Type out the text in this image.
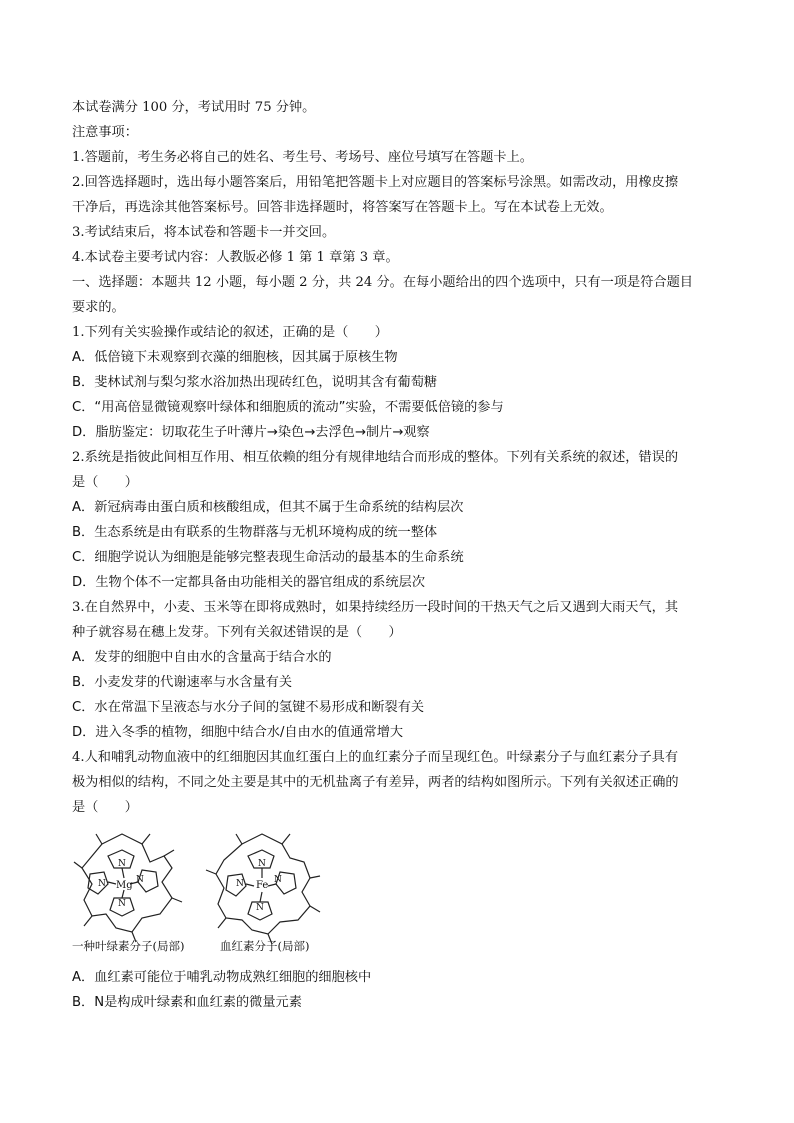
本试卷满分 100 分，考试用时 75 分钟。
注意事项：
1.答题前，考生务必将自己的姓名、考生号、考场号、座位号填写在答题卡上。
2.回答选择题时，选出每小题答案后，用铅笔把答题卡上对应题目的答案标号涂黑。如需改动，用橡皮擦
干净后，再选涂其他答案标号。回答非选择题时，将答案写在答题卡上。写在本试卷上无效。
3.考试结束后，将本试卷和答题卡一并交回。
4.本试卷主要考试内容：人教版必修 1 第 1 章第 3 章。
一、选择题：本题共 12 小题，每小题 2 分，共 24 分。在每小题给出的四个选项中，只有一项是符合题目
要求的。
1.下列有关实验操作或结论的叙述，正确的是（　　）
A．低倍镜下未观察到衣藻的细胞核，因其属于原核生物
B．斐林试剂与梨匀浆水浴加热出现砖红色，说明其含有葡萄糖
C．“用高倍显微镜观察叶绿体和细胞质的流动”实验，不需要低倍镜的参与
D．脂肪鉴定：切取花生子叶薄片→染色→去浮色→制片→观察
2.系统是指彼此间相互作用、相互依赖的组分有规律地结合而形成的整体。下列有关系统的叙述，错误的
是（　　）
A．新冠病毒由蛋白质和核酸组成，但其不属于生命系统的结构层次
B．生态系统是由有联系的生物群落与无机环境构成的统一整体
C．细胞学说认为细胞是能够完整表现生命活动的最基本的生命系统
D．生物个体不一定都具备由功能相关的器官组成的系统层次
3.在自然界中，小麦、玉米等在即将成熟时，如果持续经历一段时间的干热天气之后又遇到大雨天气，其
种子就容易在穗上发芽。下列有关叙述错误的是（　　）
A．发芽的细胞中自由水的含量高于结合水的
B．小麦发芽的代谢速率与水含量有关
C．水在常温下呈液态与水分子间的氢键不易形成和断裂有关
D．进入冬季的植物，细胞中结合水/自由水的值通常增大
4.人和哺乳动物血液中的红细胞因其血红蛋白上的血红素分子而呈现红色。叶绿素分子与血红素分子具有
极为相似的结构，不同之处主要是其中的无机盐离子有差异，两者的结构如图所示。下列有关叙述正确的
是（　　）
Mg	Fe
N
N
N
N
N
N
N
N
一种叶绿素分子(局部)	血红素分子(局部)
A．血红素可能位于哺乳动物成熟红细胞的细胞核中
B．N是构成叶绿素和血红素的微量元素
